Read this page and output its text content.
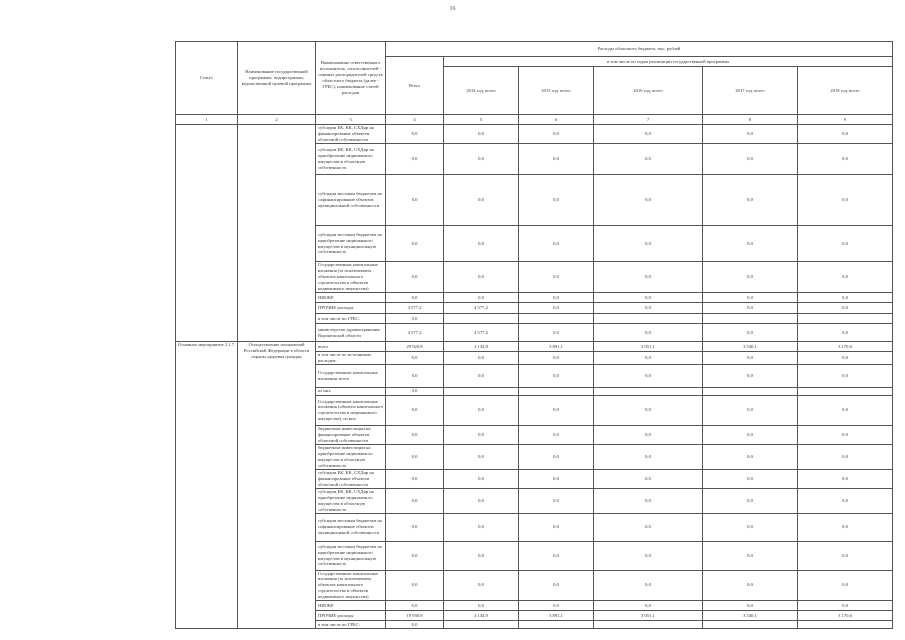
16
Статус	Наименование государственной программы, подпрограммы, ведомственной целевой программы	Наименование ответственного исполнителя, соисполнителей - главных распорядителей средств областного бюджета (далее - ГРБС), наименование статей расходов	Расходы областного бюджета, тыс. рублей					
			Всего	в том числе по годам реализации государственной программы				
				2014 год, всего	2015 год, всего	2016 год, всего	2017 год, всего	2018 год, всего
1	2	3	4	5	6	7	8	9
		субсидии ЕК, КК, СХДнр на финансирование объектов областной собственности	0,0	0,0	0,0	0,0	0,0	0,0
		субсидии ЕК, КК, СХДнр на приобретение недвижимого имущества в областную собственность	0,0	0,0	0,0	0,0	0,0	0,0
		субсидии местным бюджетам на софинансирование объектов муниципальной собственности	0,0	0,0	0,0	0,0	0,0	0,0
		субсидии местным бюджетам на приобретение недвижимого имущества в муниципальную собственность	0,0	0,0	0,0	0,0	0,0	0,0
		Государственные капитальные вложения (за исключением объектов капитального строительства и объектов недвижимого имущества)	0,0	0,0	0,0	0,0	0,0	0,0
		НИОКР	0,0	0,0	0,0	0,0	0,0	0,0
		ПРОЧИЕ расходы	4 577,2	4 577,2	0,0	0,0	0,0	0,0
		в том числе по ГРБС:	0,0					
		министерство здравоохранения Воронежской области	4 577,2	4 577,2	0,0	0,0	0,0	0,0
Основное мероприятие 2.1.7.	Осуществление полномочий Российской Федерации в области охраны здоровья граждан	всего	29 920,8	3 134,9	3 891,1	3 051,1	3 540,1	3 170,6
		в том числе по источникам расходов:	0,0	0,0	0,0	0,0	0,0	0,0
		Государственные капитальные вложения, всего	0,0	0,0	0,0	0,0	0,0	0,0
		из них	0,0					
		Государственные капитальные вложения (объекты капитального строительства и недвижимого имущества), из них	0,0	0,0	0,0	0,0	0,0	0,0
		бюджетные инвестиции на финансирование объектов областной собственности	0,0	0,0	0,0	0,0	0,0	0,0
		бюджетные инвестиции на приобретение недвижимого имущества в областную собственность	0,0	0,0	0,0	0,0	0,0	0,0
		субсидии ЕК, КК, СХДнр на финансирование объектов областной собственности	0,0	0,0	0,0	0,0	0,0	0,0
		субсидии ЕК, КК, СХДнр на приобретение недвижимого имущества в областную собственность	0,0	0,0	0,0	0,0	0,0	0,0
		субсидии местным бюджетам на софинансирование объектов муниципальной собственности	0,0	0,0	0,0	0,0	0,0	0,0
		субсидии местным бюджетам на приобретение недвижимого имущества в муниципальную собственность	0,0	0,0	0,0	0,0	0,0	0,0
		Государственные капитальные вложения (за исключением объектов капитального строительства и объектов недвижимого имущества)	0,0	0,0	0,0	0,0	0,0	0,0
		НИОКР	0,0	0,0	0,0	0,0	0,0	0,0
		ПРОЧИЕ расходы	19 930,8	3 134,9	3 891,1	3 051,1	3 540,1	3 170,6
		в том числе по ГРБС:	0,0					
